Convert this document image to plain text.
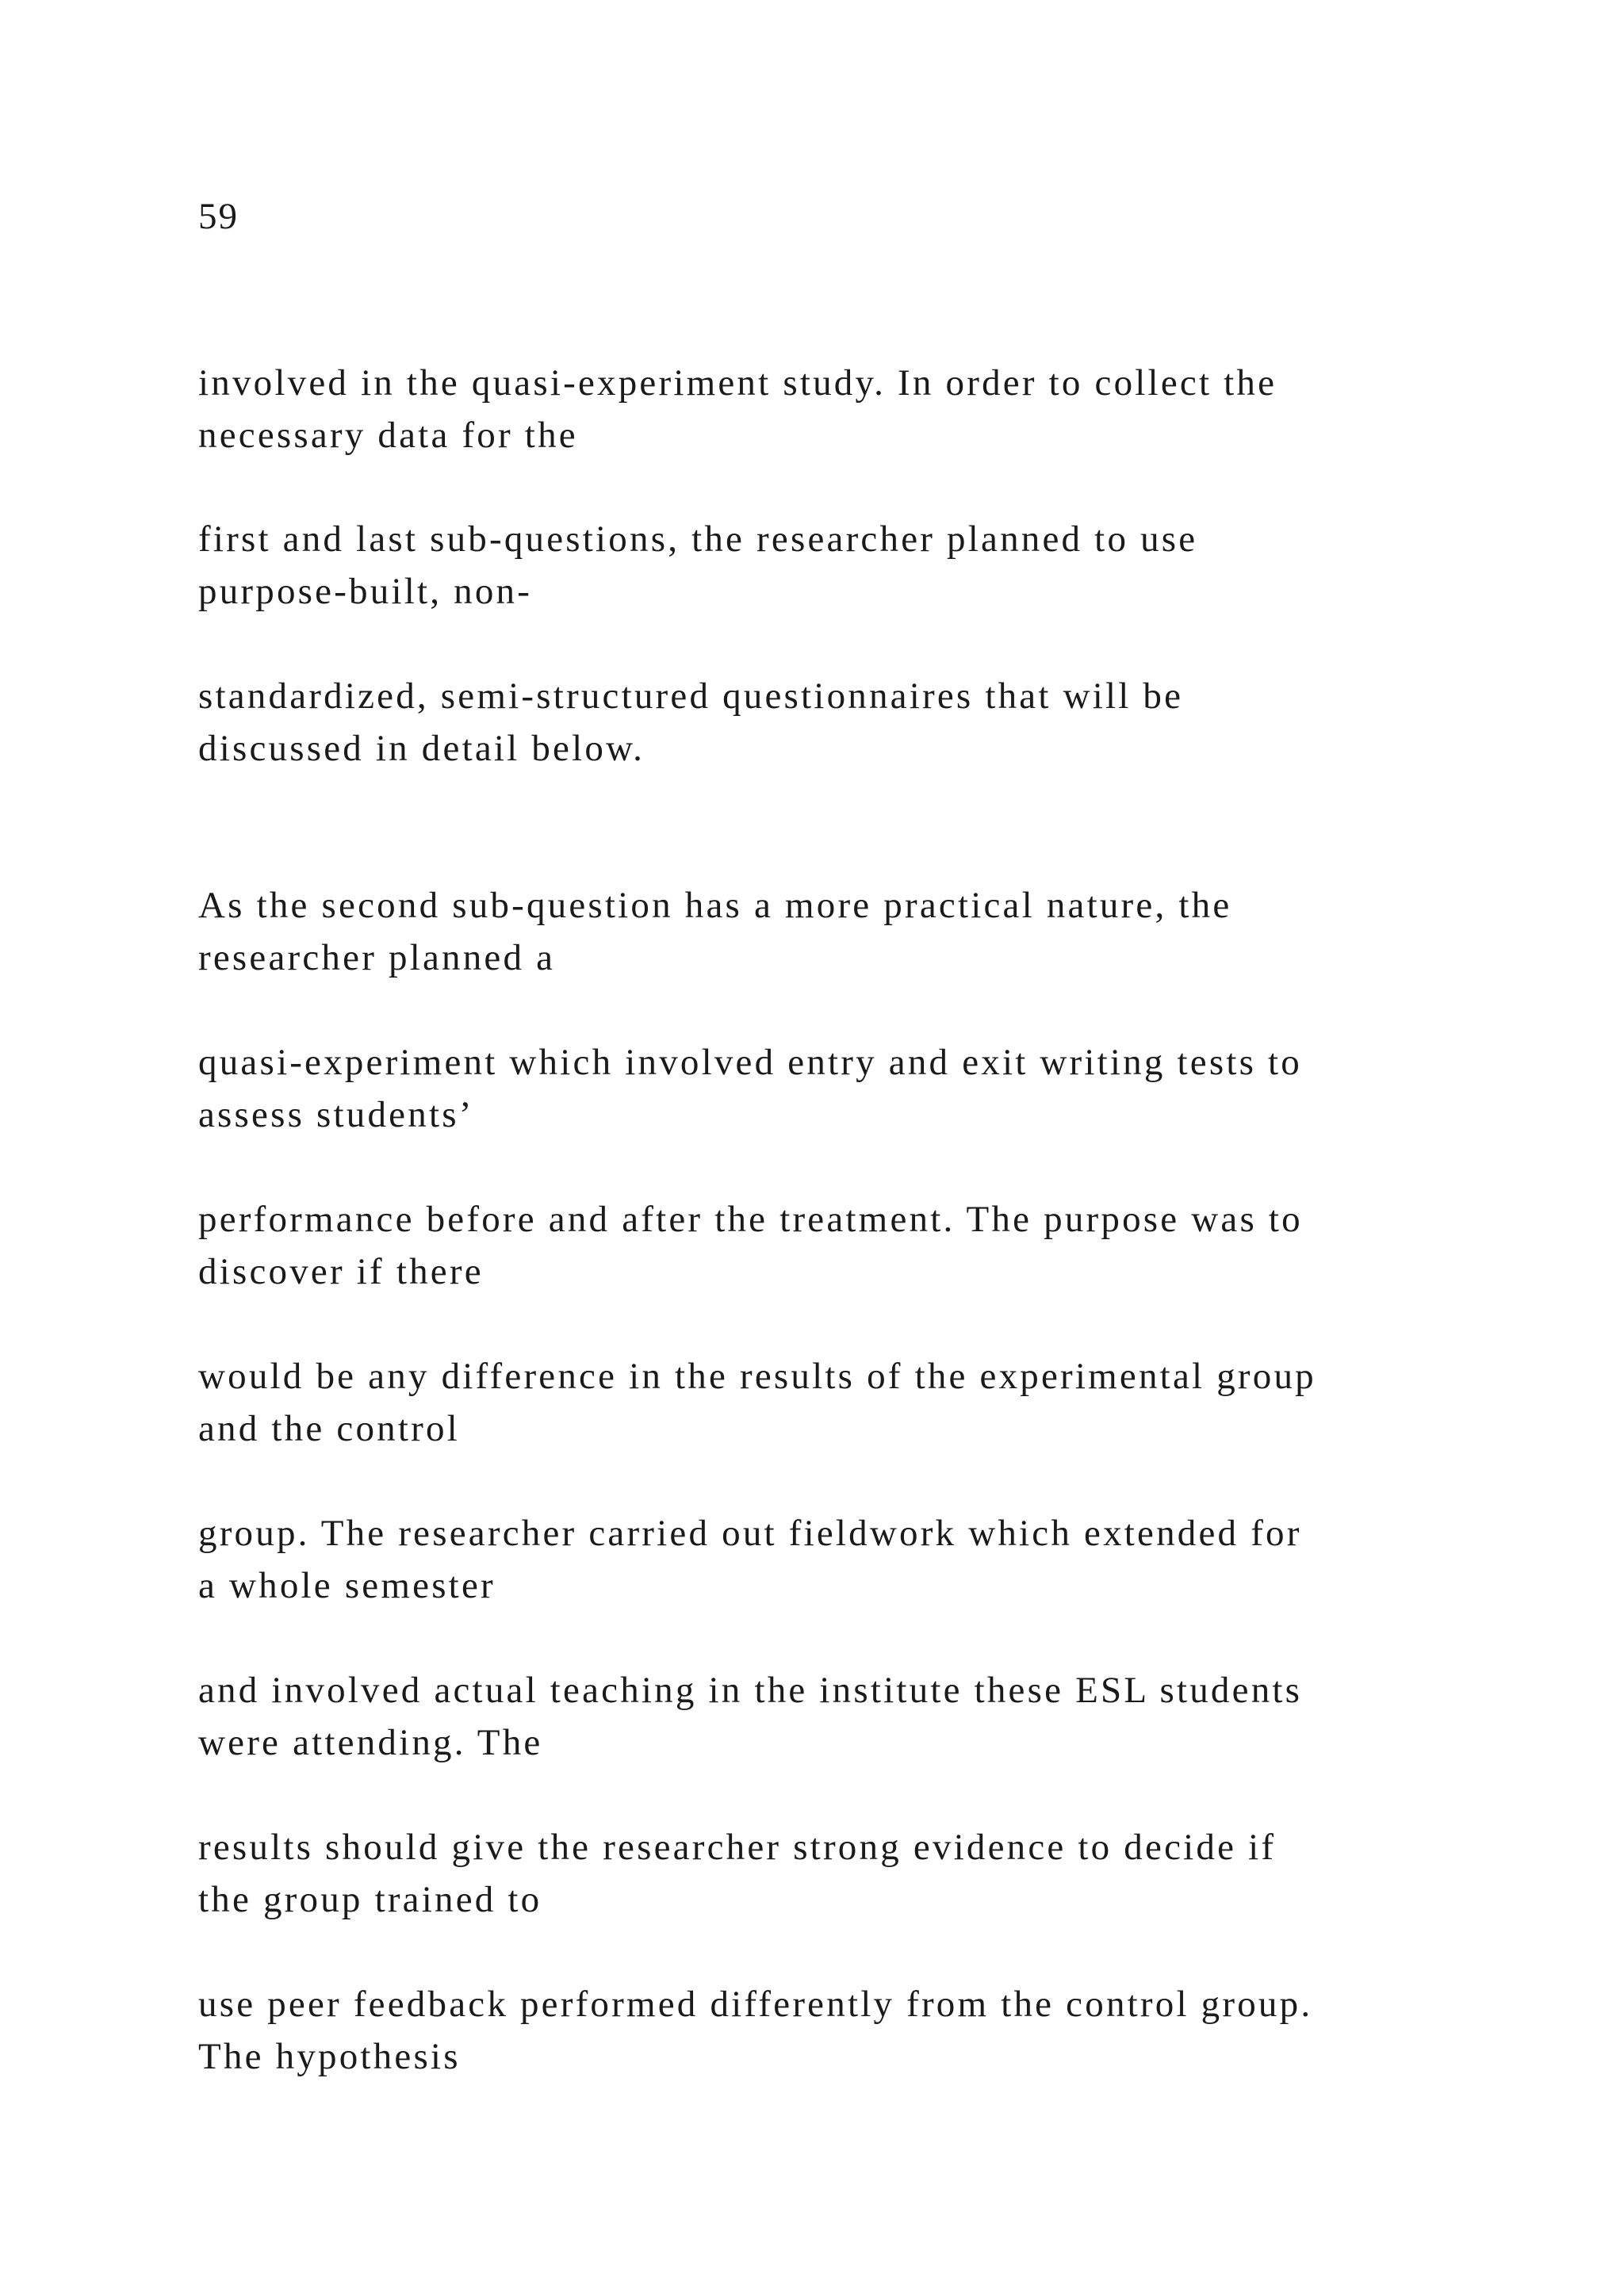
59
involved in the quasi-experiment study. In order to collect the
necessary data for the
first and last sub-questions, the researcher planned to use
purpose-built, non-
standardized, semi-structured questionnaires that will be
discussed in detail below.
As the second sub-question has a more practical nature, the
researcher planned a
quasi-experiment which involved entry and exit writing tests to
assess students’
performance before and after the treatment. The purpose was to
discover if there
would be any difference in the results of the experimental group
and the control
group. The researcher carried out fieldwork which extended for
a whole semester
and involved actual teaching in the institute these ESL students
were attending. The
results should give the researcher strong evidence to decide if
the group trained to
use peer feedback performed differently from the control group.
The hypothesis
